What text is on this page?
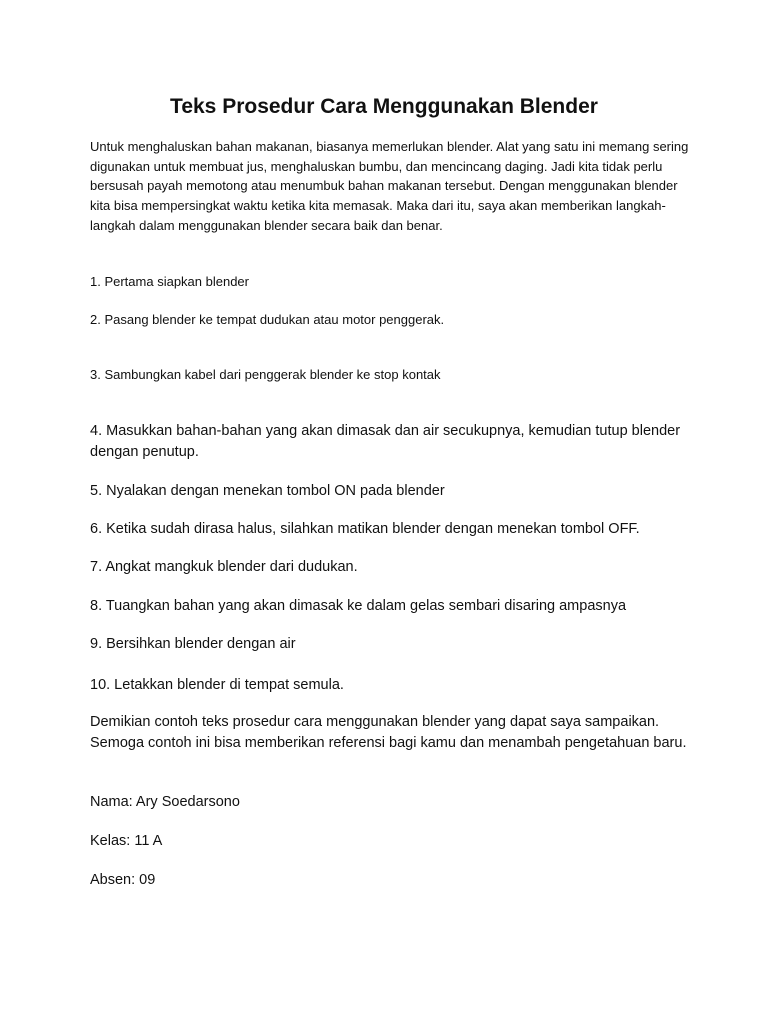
Teks Prosedur Cara Menggunakan Blender

Untuk menghaluskan bahan makanan, biasanya memerlukan blender. Alat yang satu ini memang sering digunakan untuk membuat jus, menghaluskan bumbu, dan mencincang daging. Jadi kita tidak perlu bersusah payah memotong atau menumbuk bahan makanan tersebut. Dengan menggunakan blender kita bisa mempersingkat waktu ketika kita memasak. Maka dari itu, saya akan memberikan langkah-langkah dalam menggunakan blender secara baik dan benar.

1. Pertama siapkan blender

2. Pasang blender ke tempat dudukan atau motor penggerak.

3. Sambungkan kabel dari penggerak blender ke stop kontak

4. Masukkan bahan-bahan yang akan dimasak dan air secukupnya, kemudian tutup blender dengan penutup.

5. Nyalakan dengan menekan tombol ON pada blender

6. Ketika sudah dirasa halus, silahkan matikan blender dengan menekan tombol OFF.

7. Angkat mangkuk blender dari dudukan.

8. Tuangkan bahan yang akan dimasak ke dalam gelas sembari disaring ampasnya

9. Bersihkan blender dengan air

10. Letakkan blender di tempat semula.

Demikian contoh teks prosedur cara menggunakan blender yang dapat saya sampaikan. Semoga contoh ini bisa memberikan referensi bagi kamu dan menambah pengetahuan baru.

Nama: Ary Soedarsono

Kelas: 11 A

Absen: 09
